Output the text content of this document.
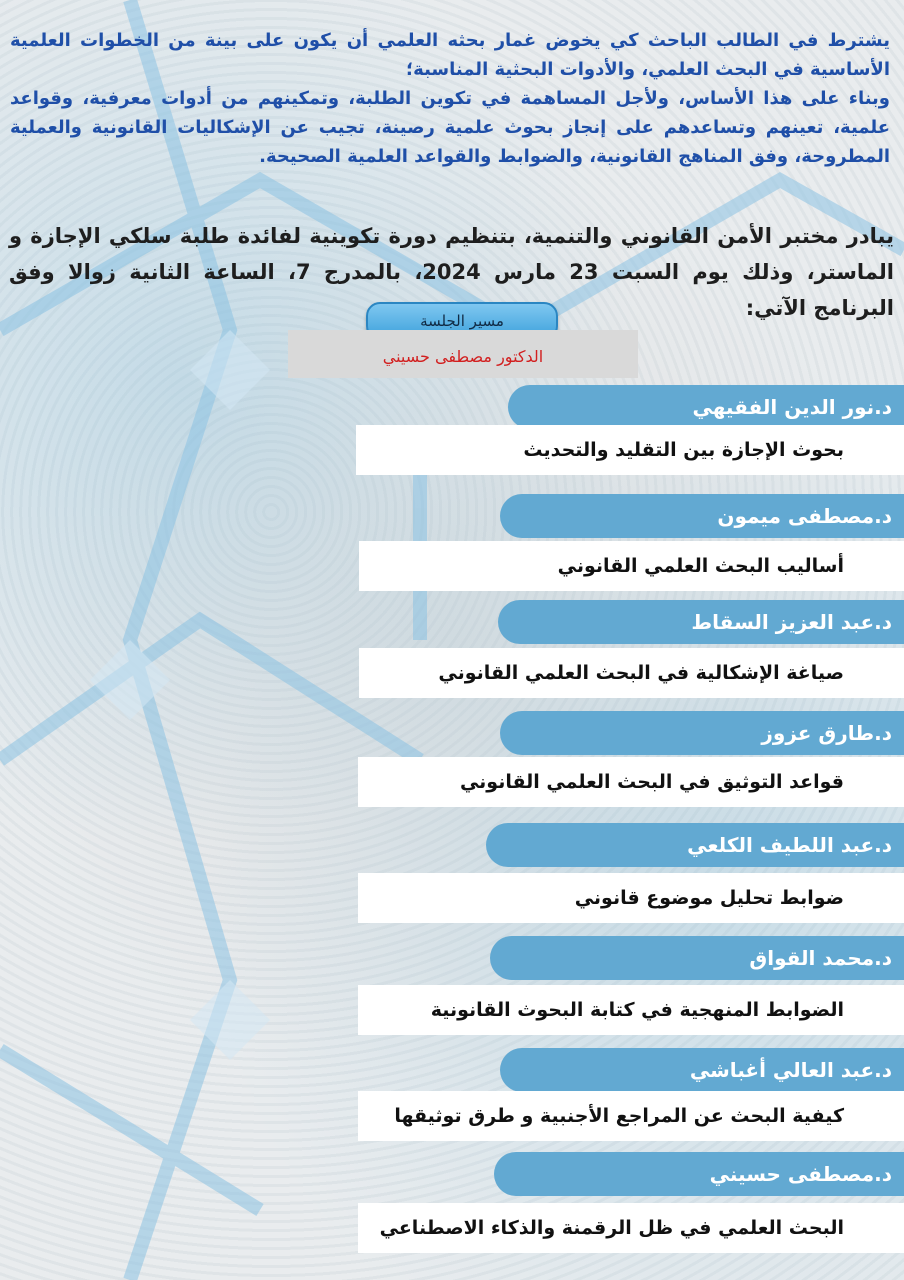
يشترط في الطالب الباحث كي يخوض غمار بحثه العلمي أن يكون على بينة من الخطوات العلمية الأساسية في البحث العلمي، والأدوات البحثية المناسبة؛

وبناء على هذا الأساس، ولأجل المساهمة في تكوين الطلبة، وتمكينهم من أدوات معرفية، وقواعد علمية، تعينهم وتساعدهم على إنجاز بحوث علمية رصينة، تجيب عن الإشكاليات القانونية والعملية المطروحة، وفق المناهج القانونية، والضوابط والقواعد العلمية الصحيحة.

يبادر مختبر الأمن القانوني والتنمية، بتنظيم دورة تكوينية لفائدة طلبة سلكي الإجازة و الماستر، وذلك يوم السبت 23 مارس 2024، بالمدرج 7، الساعة الثانية زوالا وفق البرنامج الآتي:

مسير الجلسة
الدكتور مصطفى حسيني
د.نور الدين الفقيهي
بحوث الإجازة بين التقليد والتحديث
د.مصطفى ميمون
أساليب البحث العلمي القانوني
د.عبد العزيز السقاط
صياغة الإشكالية في البحث العلمي القانوني
د.طارق عزوز
قواعد التوثيق في البحث العلمي القانوني
د.عبد اللطيف الكلعي
ضوابط تحليل موضوع قانوني
د.محمد القواق
الضوابط المنهجية في كتابة البحوث القانونية
د.عبد العالي أغباشي
كيفية البحث عن المراجع الأجنبية و طرق توثيقها
د.مصطفى حسيني
البحث العلمي في ظل الرقمنة والذكاء الاصطناعي
